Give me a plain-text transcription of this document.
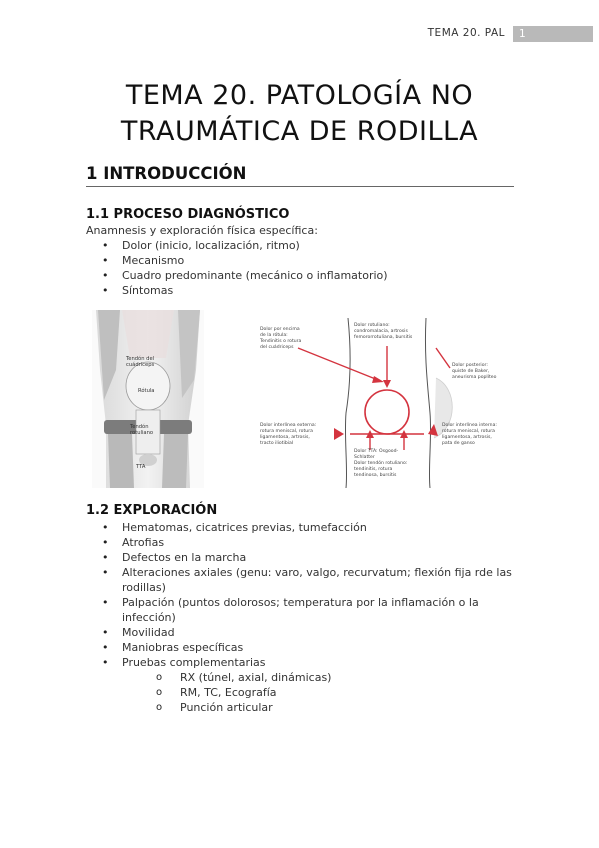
TEMA 20. PAL	1
TEMA 20. PATOLOGÍA NO
TRAUMÁTICA DE RODILLA
1 INTRODUCCIÓN
1.1 PROCESO DIAGNÓSTICO

Anamnesis y exploración física específica:

• Dolor (inicio, localización, ritmo)
• Mecanismo
• Cuadro predominante (mecánico o inflamatorio)
• Síntomas
Tendón del
cuádriceps
Rótula
Tendón
rotuliano
TTA
Dolor por encima
de la rótula:
Tendinitis o rotura
del cuádriceps
Dolor rotuliano:
condromalacia, artrosis
femororrotuliana, bursitis
Dolor posterior:
quiste de Baker,
aneurisma poplíteo
Dolor interlínea externa:
rotura meniscal, rotura
ligamentosa, artrosis,
tracto iliotibial
Dolor TTA: Osgood-
Schlatter
Dolor tendón rotuliano:
tendinitis, rotura
tendinosa, bursitis
Dolor interlínea interna:
rotura meniscal, rotura
ligamentosa, artrosis,
pata de ganso
1.2 EXPLORACIÓN
• Hematomas, cicatrices previas, tumefacción
• Atrofias
• Defectos en la marcha
• Alteraciones axiales (genu: varo, valgo, recurvatum; flexión fija rde las rodillas)
• Palpación (puntos dolorosos; temperatura por la inflamación o la infección)
• Movilidad
• Maniobras específicas
• Pruebas complementarias
o RX (túnel, axial, dinámicas)
o RM, TC, Ecografía
o Punción articular
